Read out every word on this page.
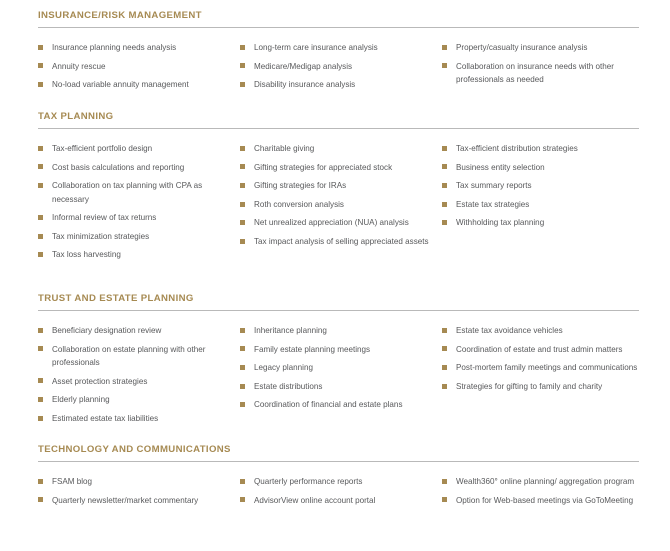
INSURANCE/RISK MANAGEMENT
Insurance planning needs analysis
Annuity rescue
No-load variable annuity management
Long-term care insurance analysis
Medicare/Medigap analysis
Disability insurance analysis
Property/casualty insurance analysis
Collaboration on insurance needs with other professionals as needed
TAX PLANNING
Tax-efficient portfolio design
Cost basis calculations and reporting
Collaboration on tax planning with CPA as necessary
Informal review of tax returns
Tax minimization strategies
Tax loss harvesting
Charitable giving
Gifting strategies for appreciated stock
Gifting strategies for IRAs
Roth conversion analysis
Net unrealized appreciation (NUA) analysis
Tax impact analysis of selling appreciated assets
Tax-efficient distribution strategies
Business entity selection
Tax summary reports
Estate tax strategies
Withholding tax planning
TRUST AND ESTATE PLANNING
Beneficiary designation review
Collaboration on estate planning with other professionals
Asset protection strategies
Elderly planning
Estimated estate tax liabilities
Inheritance planning
Family estate planning meetings
Legacy planning
Estate distributions
Coordination of financial and estate plans
Estate tax avoidance vehicles
Coordination of estate and trust admin matters
Post-mortem family meetings and communications
Strategies for gifting to family and charity
TECHNOLOGY AND COMMUNICATIONS
FSAM blog
Quarterly newsletter/market commentary
Quarterly performance reports
AdvisorView online account portal
Wealth360° online planning/ aggregation program
Option for Web-based meetings via GoToMeeting
